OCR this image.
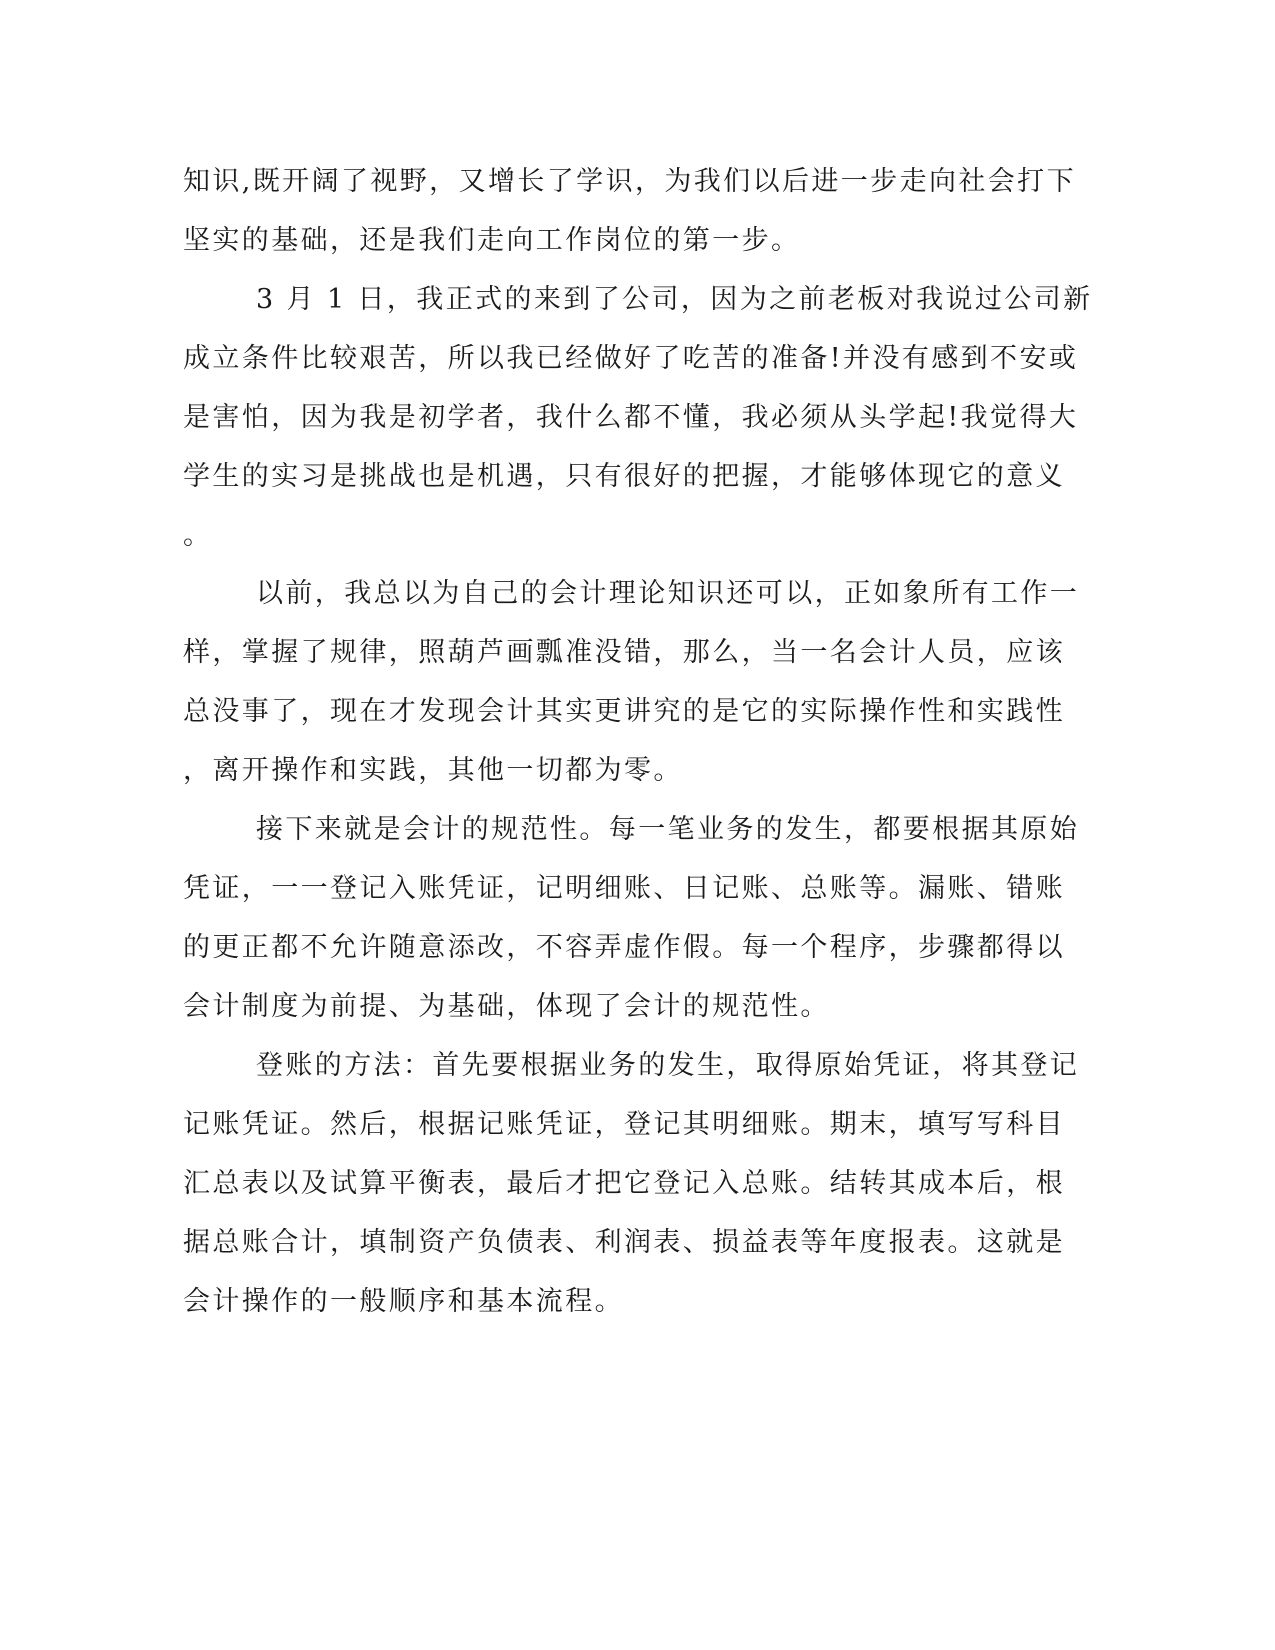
知识,既开阔了视野，又增长了学识，为我们以后进一步走向社会打下
坚实的基础，还是我们走向工作岗位的第一步。
3 月 1 日，我正式的来到了公司，因为之前老板对我说过公司新
成立条件比较艰苦，所以我已经做好了吃苦的准备!并没有感到不安或
是害怕，因为我是初学者，我什么都不懂，我必须从头学起!我觉得大
学生的实习是挑战也是机遇，只有很好的把握，才能够体现它的意义
。
以前，我总以为自己的会计理论知识还可以，正如象所有工作一
样，掌握了规律，照葫芦画瓢准没错，那么，当一名会计人员，应该
总没事了，现在才发现会计其实更讲究的是它的实际操作性和实践性
，离开操作和实践，其他一切都为零。
接下来就是会计的规范性。每一笔业务的发生，都要根据其原始
凭证，一一登记入账凭证，记明细账、日记账、总账等。漏账、错账
的更正都不允许随意添改，不容弄虚作假。每一个程序，步骤都得以
会计制度为前提、为基础，体现了会计的规范性。
登账的方法：首先要根据业务的发生，取得原始凭证，将其登记
记账凭证。然后，根据记账凭证，登记其明细账。期末，填写写科目
汇总表以及试算平衡表，最后才把它登记入总账。结转其成本后，根
据总账合计，填制资产负债表、利润表、损益表等年度报表。这就是
会计操作的一般顺序和基本流程。
